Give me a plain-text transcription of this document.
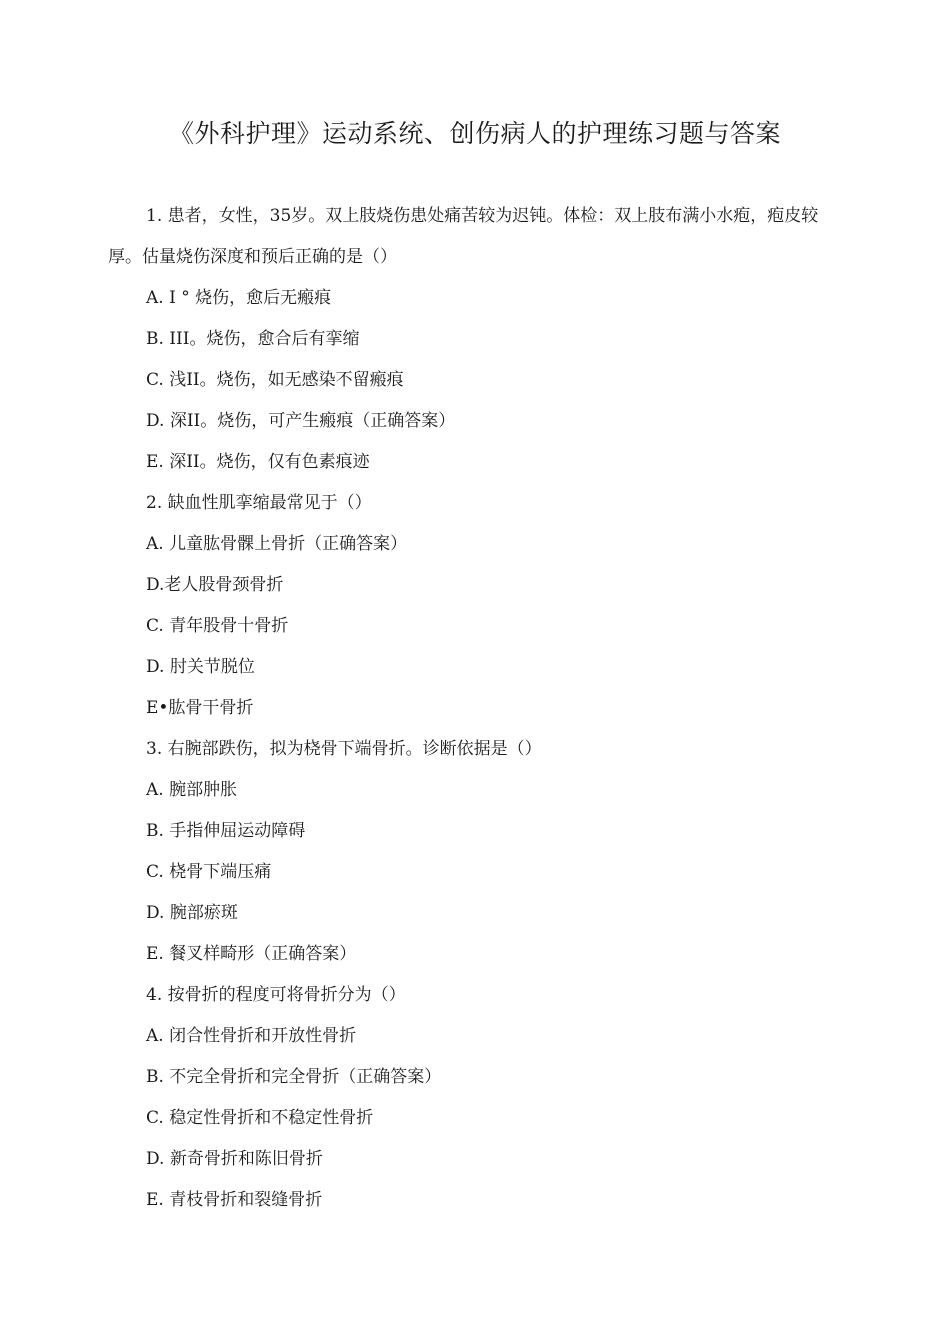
《外科护理》运动系统、创伤病人的护理练习题与答案

1. 患者，女性，35岁。双上肢烧伤患处痛苦较为迟钝。体检：双上肢布满小水疱，疱皮较厚。估量烧伤深度和预后正确的是（）

A. I ° 烧伤，愈后无瘢痕

B. III。烧伤，愈合后有挛缩

C. 浅II。烧伤，如无感染不留瘢痕

D. 深II。烧伤，可产生瘢痕（正确答案）

E. 深II。烧伤，仅有色素痕迹

2. 缺血性肌挛缩最常见于（）

A. 儿童肱骨髁上骨折（正确答案）

D.老人股骨颈骨折

C. 青年股骨十骨折

D. 肘关节脱位

E•肱骨干骨折

3. 右腕部跌伤，拟为桡骨下端骨折。诊断依据是（）

A. 腕部肿胀

B. 手指伸屈运动障碍

C. 桡骨下端压痛

D. 腕部瘀斑

E. 餐叉样畸形（正确答案）

4. 按骨折的程度可将骨折分为（）

A. 闭合性骨折和开放性骨折

B. 不完全骨折和完全骨折（正确答案）

C. 稳定性骨折和不稳定性骨折

D. 新奇骨折和陈旧骨折

E. 青枝骨折和裂缝骨折
